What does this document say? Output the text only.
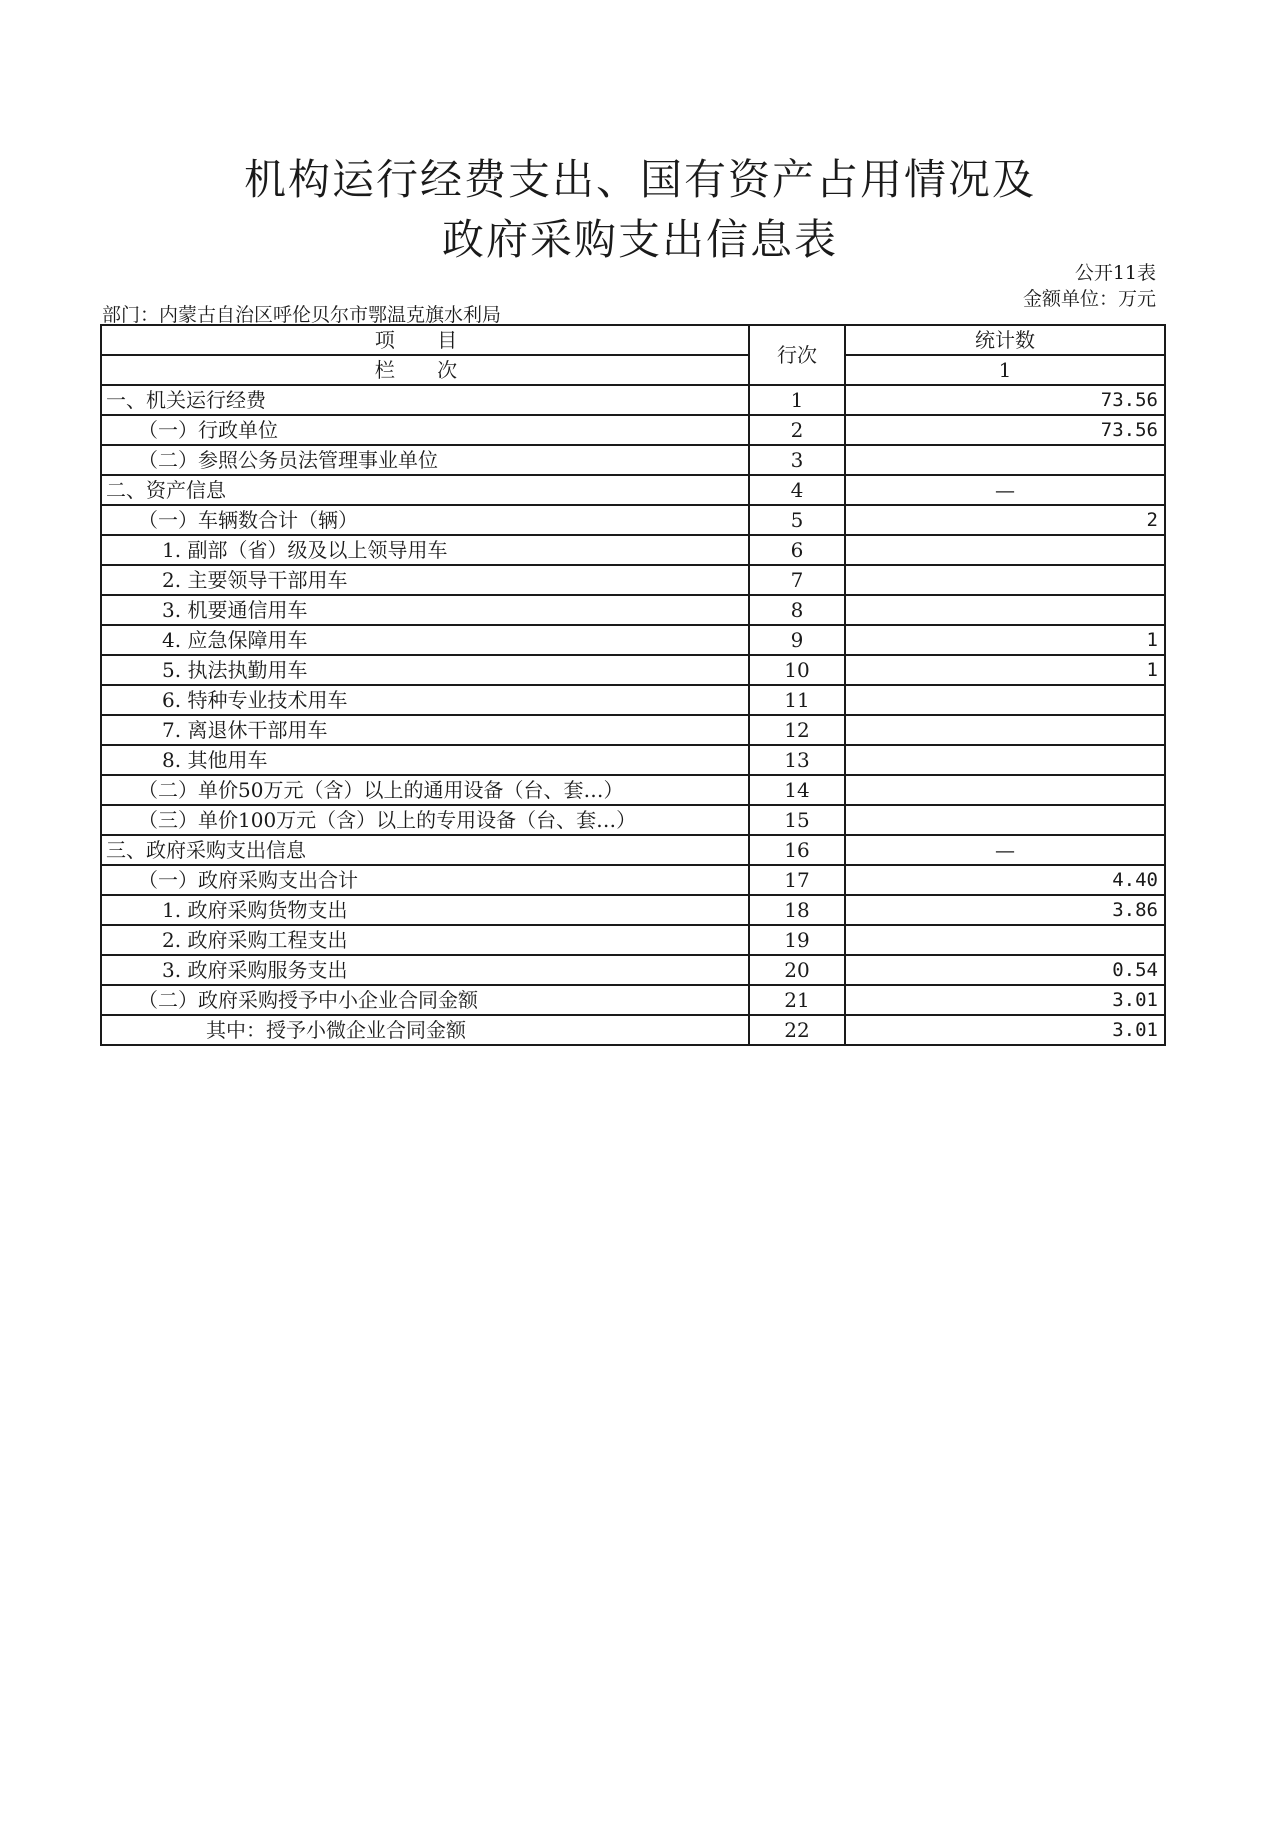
机构运行经费支出、国有资产占用情况及
政府采购支出信息表
公开11表
金额单位：万元
部门：内蒙古自治区呼伦贝尔市鄂温克旗水利局
项 目	行次	统计数
栏 次		1
一、机关运行经费	1	73.56
（一）行政单位	2	73.56
（二）参照公务员法管理事业单位	3	
二、资产信息	4	—
（一）车辆数合计（辆）	5	2
1. 副部（省）级及以上领导用车	6	
2. 主要领导干部用车	7	
3. 机要通信用车	8	
4. 应急保障用车	9	1
5. 执法执勤用车	10	1
6. 特种专业技术用车	11	
7. 离退休干部用车	12	
8. 其他用车	13	
（二）单价50万元（含）以上的通用设备（台、套…）	14	
（三）单价100万元（含）以上的专用设备（台、套…）	15	
三、政府采购支出信息	16	—
（一）政府采购支出合计	17	4.40
1. 政府采购货物支出	18	3.86
2. 政府采购工程支出	19	
3. 政府采购服务支出	20	0.54
（二）政府采购授予中小企业合同金额	21	3.01
其中：授予小微企业合同金额	22	3.01
